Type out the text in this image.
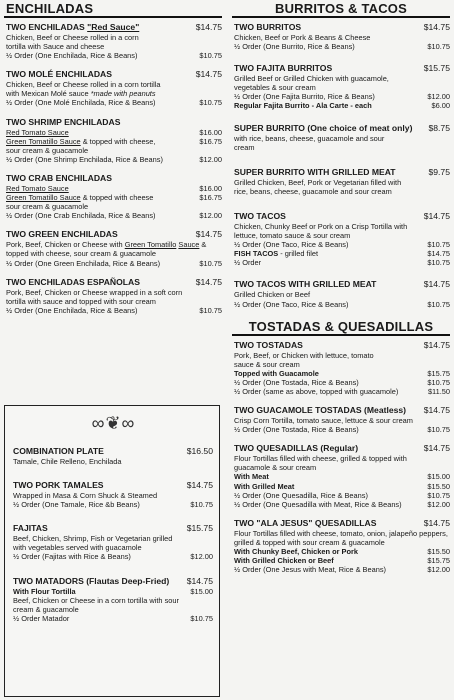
ENCHILADAS
TWO ENCHILADAS "Red Sauce"	$14.75
Chicken, Beef or Cheese rolled in a corn tortilla with Sauce and cheese
½ Order (One Enchilada, Rice & Beans)	$10.75
TWO MOLÉ ENCHILADAS	$14.75
Chicken, Beef or Cheese rolled in a corn tortilla with Mexican Molé sauce *made with peanuts
½ Order (One Molé Enchilada, Rice & Beans)	$10.75
TWO SHRIMP ENCHILADAS
Red Tomato Sauce	$16.00
Green Tomatillo Sauce & topped with cheese,	$16.75
sour cream & guacamole
½ Order (One Shrimp Enchilada, Rice & Beans)	$12.00
TWO CRAB ENCHILADAS
Red Tomato Sauce	$16.00
Green Tomatillo Sauce & topped with cheese	$16.75
sour cream & guacamole
½ Order (One Crab Enchilada, Rice & Beans)	$12.00
TWO GREEN ENCHILADAS	$14.75
Pork, Beef, Chicken or Cheese with Green Tomatillo Sauce & topped with cheese, sour cream & guacamole
½ Order (One Green Enchilada, Rice & Beans)	$10.75
TWO ENCHILADAS ESPAÑOLAS	$14.75
Pork, Beef, Chicken or Cheese wrapped in a soft corn tortilla with sauce and topped with sour cream
½ Order (One Enchilada, Rice & Beans)	$10.75
∞ ❦ ∞
COMBINATION PLATE	$16.50
Tamale, Chile Relleno, Enchilada
TWO PORK TAMALES	$14.75
Wrapped in Masa & Corn Shuck & Steamed
½ Order (One Tamale, Rice &b Beans)	$10.75
FAJITAS	$15.75
Beef, Chicken, Shrimp, Fish or Vegetarian grilled with vegetables served with guacamole
½ Order (Fajitas with Rice & Beans)	$12.00
TWO MATADORS (Flautas Deep-Fried)	$14.75
With Flour Tortilla	$15.00
Beef, Chicken or Cheese in a corn tortilla with sour cream & guacamole
½ Order Matador	$10.75
BURRITOS & TACOS
TWO BURRITOS	$14.75
Chicken, Beef or Pork & Beans & Cheese
½ Order (One Burrito, Rice & Beans)	$10.75
TWO FAJITA BURRITOS	$15.75
Grilled Beef or Grilled Chicken with guacamole, vegetables & sour cream
½ Order (One Fajita Burrito, Rice & Beans)	$12.00
Regular Fajita Burrito - Ala Carte - each	$6.00
SUPER BURRITO (One choice of meat only)	$8.75
with rice, beans, cheese, guacamole and sour cream
SUPER BURRITO WITH GRILLED MEAT	$9.75
Grilled Chicken, Beef, Pork or Vegetarian filled with rice, beans, cheese, guacamole and sour cream
TWO TACOS	$14.75
Chicken, Chunky Beef or Pork on a Crisp Tortilla with lettuce, tomato sauce & sour cream
½ Order (One Taco, Rice & Beans)	$10.75
FISH TACOS - grilled filet	$14.75
½ Order	$10.75
TWO TACOS WITH GRILLED MEAT	$14.75
Grilled Chicken or Beef
½ Order (One Taco, Rice & Beans)	$10.75
TOSTADAS & QUESADILLAS
TWO TOSTADAS	$14.75
Pork, Beef, or Chicken with lettuce, tomato sauce & sour cream
Topped with Guacamole	$15.75
½ Order (One Tostada, Rice & Beans)	$10.75
½ Order (same as above, topped with guacamole)	$11.50
TWO GUACAMOLE TOSTADAS (Meatless)	$14.75
Crisp Corn Tortilla, tomato sauce, lettuce & sour cream
½ Order (One Tostada, Rice & Beans)	$10.75
TWO QUESADILLAS (Regular)	$14.75
Flour Tortillas filled with cheese, grilled & topped with guacamole & sour cream
With Meat	$15.00
With Grilled Meat	$15.50
½ Order (One Quesadilla, Rice & Beans)	$10.75
½ Order (One Quesadilla with Meat, Rice & Beans)	$12.00
TWO "ALA JESUS" QUESADILLAS	$14.75
Flour Tortillas filled with cheese, tomato, onion, jalapeño peppers, grilled & topped with sour cream & guacamole
With Chunky Beef, Chicken or Pork	$15.50
With Grilled Chicken or Beef	$15.75
½ Order (One Jesus with Meat, Rice & Beans)	$12.00
